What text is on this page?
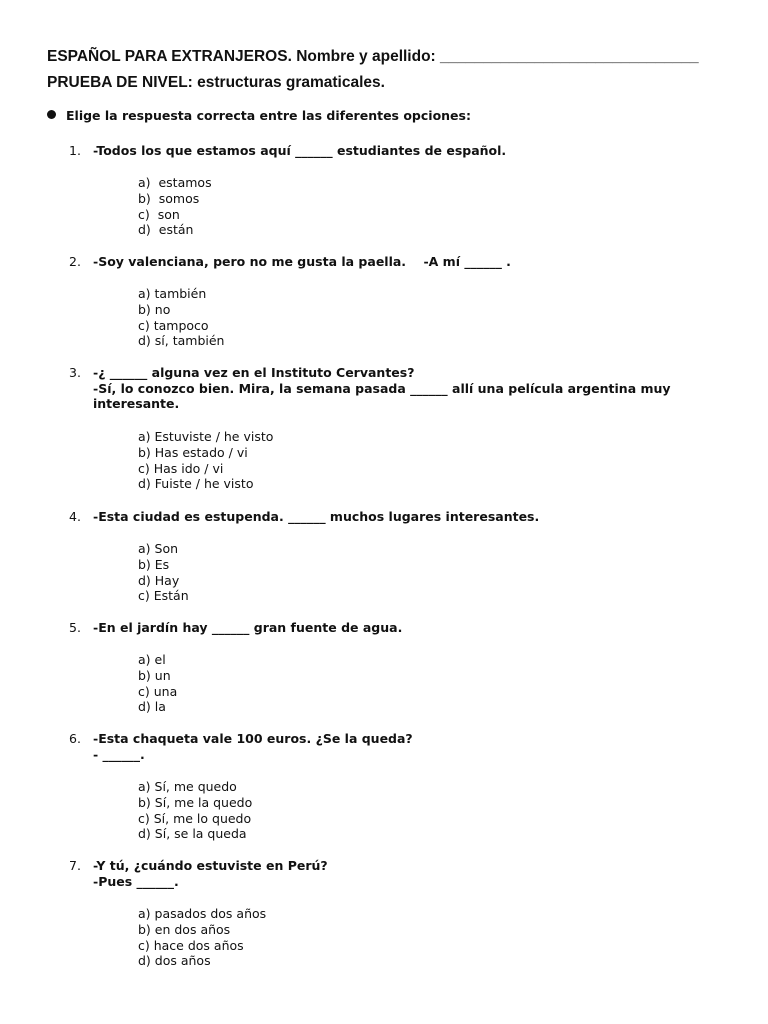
ESPAÑOL PARA EXTRANJEROS. Nombre y apellido: ______________________________
PRUEBA DE NIVEL: estructuras gramaticales.
Elige la respuesta correcta entre las diferentes opciones:
1. -Todos los que estamos aquí ______ estudiantes de español.
a)  estamos
b)  somos
c)  son
d)  están
2. -Soy valenciana, pero no me gusta la paella.    -A mí ______ .
a) también
b) no
c) tampoco
d) sí, también
3. -¿ ______ alguna vez en el Instituto Cervantes?
-Sí, lo conozco bien. Mira, la semana pasada ______ allí una película argentina muy
interesante.
a) Estuviste / he visto
b) Has estado / vi
c) Has ido / vi
d) Fuiste / he visto
4. -Esta ciudad es estupenda. ______ muchos lugares interesantes.
a) Son
b) Es
d) Hay
c) Están
5. -En el jardín hay ______ gran fuente de agua.
a) el
b) un
c) una
d) la
6. -Esta chaqueta vale 100 euros. ¿Se la queda?
- ______.
a) Sí, me quedo
b) Sí, me la quedo
c) Sí, me lo quedo
d) Sí, se la queda
7. -Y tú, ¿cuándo estuviste en Perú?
-Pues ______.
a) pasados dos años
b) en dos años
c) hace dos años
d) dos años
